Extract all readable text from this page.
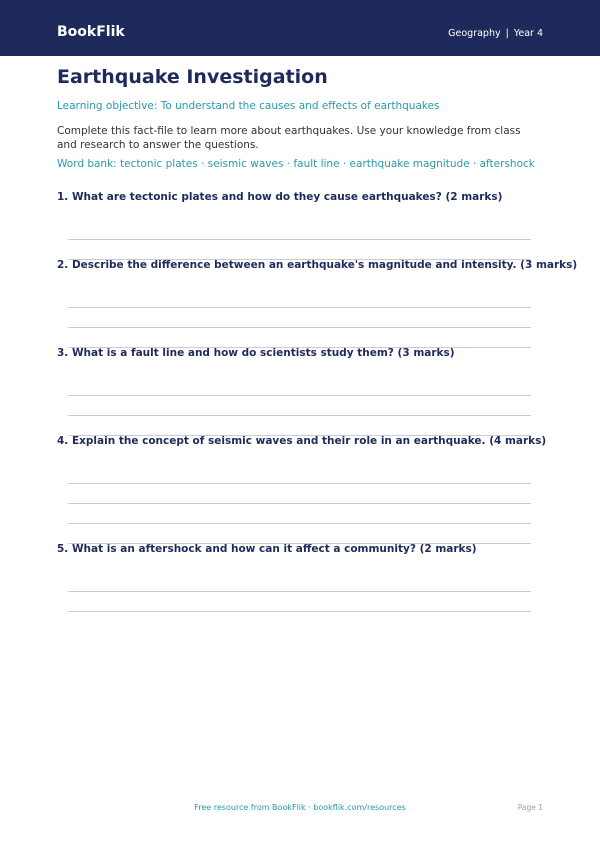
BookFlik	Geography | Year 4
Earthquake Investigation
Learning objective: To understand the causes and effects of earthquakes
Complete this fact-file to learn more about earthquakes. Use your knowledge from class and research to answer the questions.
Word bank: tectonic plates · seismic waves · fault line · earthquake magnitude · aftershock
1. What are tectonic plates and how do they cause earthquakes? (2 marks)
2. Describe the difference between an earthquake's magnitude and intensity. (3 marks)
3. What is a fault line and how do scientists study them? (3 marks)
4. Explain the concept of seismic waves and their role in an earthquake. (4 marks)
5. What is an aftershock and how can it affect a community? (2 marks)
Free resource from BookFlik · bookflik.com/resources	Page 1
